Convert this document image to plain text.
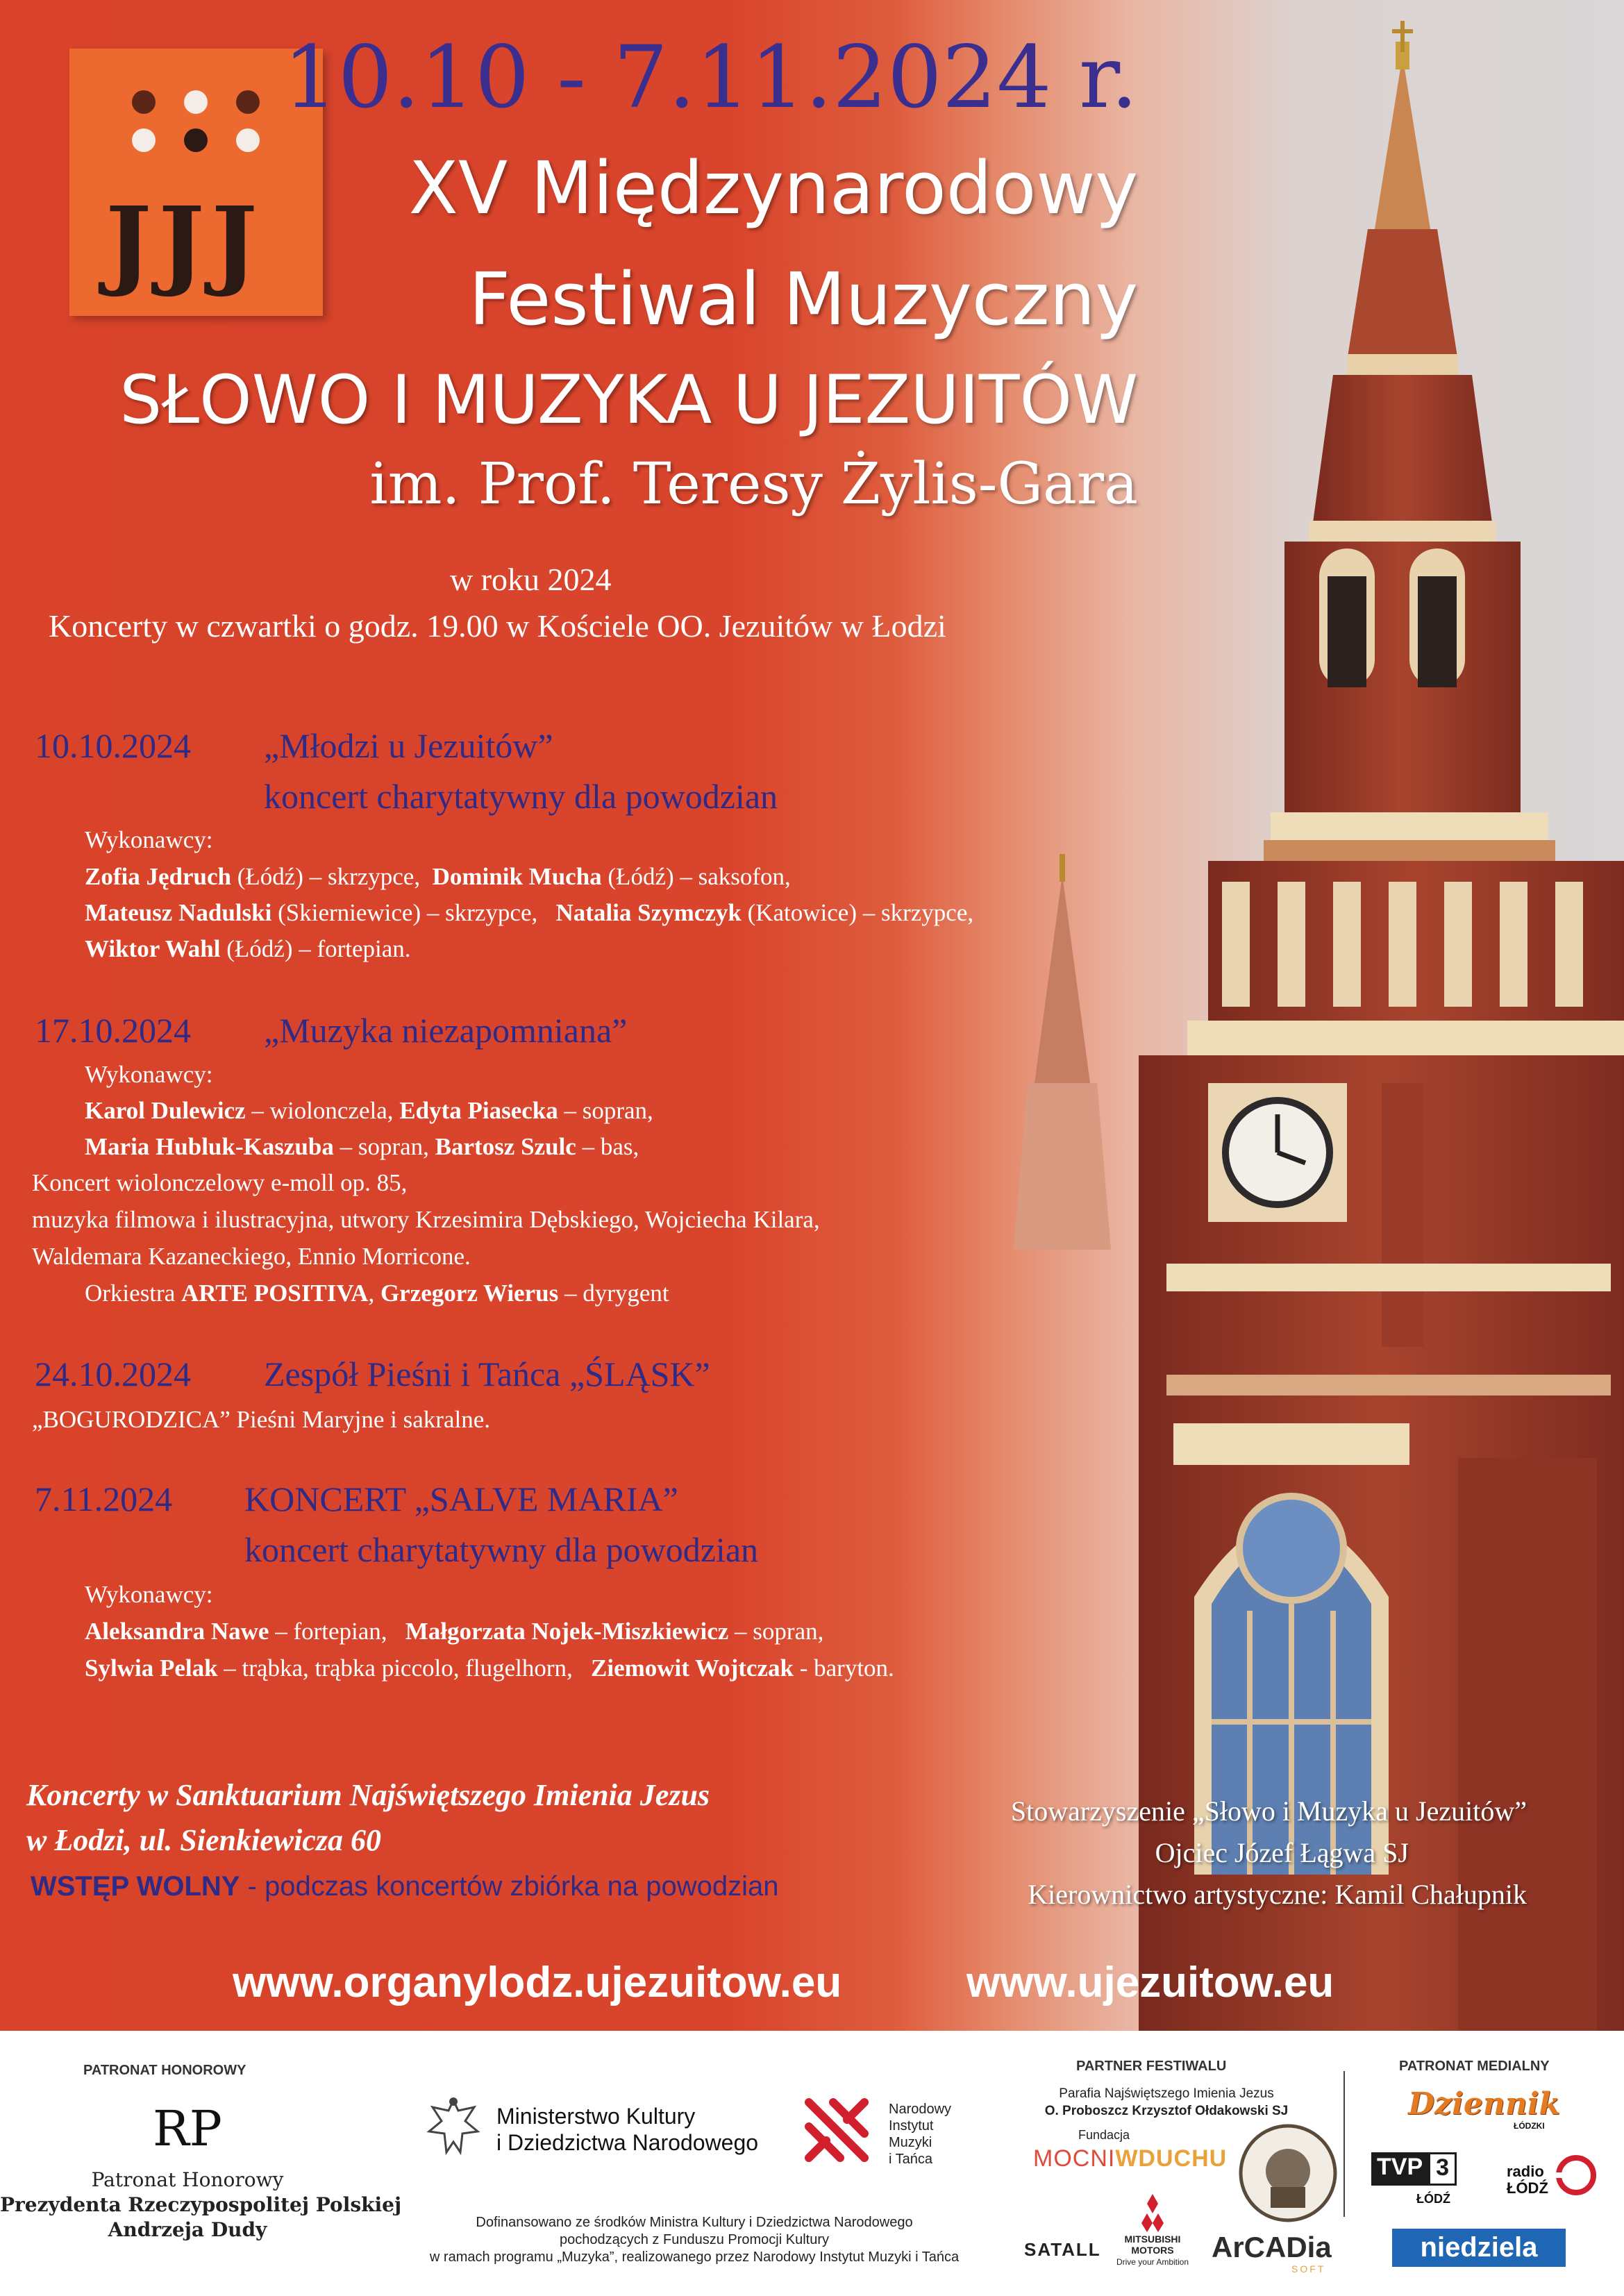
JJJ
10.10 - 7.11.2024 r.
XV Międzynarodowy
Festiwal Muzyczny
SŁOWO I MUZYKA U JEZUITÓW
im. Prof. Teresy Żylis-Gara
w roku 2024
Koncerty w czwartki o godz. 19.00 w Kościele OO. Jezuitów w Łodzi
10.10.2024 „Młodzi u Jezuitów”
koncert charytatywny dla powodzian
Wykonawcy:
Zofia Jędruch (Łódź) – skrzypce, Dominik Mucha (Łódź) – saksofon,
Mateusz Nadulski (Skierniewice) – skrzypce, Natalia Szymczyk (Katowice) – skrzypce,
Wiktor Wahl (Łódź) – fortepian.
17.10.2024 „Muzyka niezapomniana”
Wykonawcy:
Karol Dulewicz – wiolonczela, Edyta Piasecka – sopran,
Maria Hubluk-Kaszuba – sopran, Bartosz Szulc – bas,
Koncert wiolonczelowy e-moll op. 85,
muzyka filmowa i ilustracyjna, utwory Krzesimira Dębskiego, Wojciecha Kilara,
Waldemara Kazaneckiego, Ennio Morricone.
Orkiestra ARTE POSITIVA, Grzegorz Wierus – dyrygent
24.10.2024 Zespół Pieśni i Tańca „ŚLĄSK”
„BOGURODZICA” Pieśni Maryjne i sakralne.
7.11.2024 KONCERT „SALVE MARIA”
koncert charytatywny dla powodzian
Wykonawcy:
Aleksandra Nawe – fortepian, Małgorzata Nojek-Miszkiewicz – sopran,
Sylwia Pelak – trąbka, trąbka piccolo, flugelhorn, Ziemowit Wojtczak - baryton.
Koncerty w Sanktuarium Najświętszego Imienia Jezus
w Łodzi, ul. Sienkiewicza 60
WSTĘP WOLNY - podczas koncertów zbiórka na powodzian
Stowarzyszenie „Słowo i Muzyka u Jezuitów”
Ojciec Józef Łągwa SJ
Kierownictwo artystyczne: Kamil Chałupnik
www.organylodz.ujezuitow.eu	www.ujezuitow.eu
PATRONAT HONOROWY
RP
Patronat Honorowy
Prezydenta Rzeczypospolitej Polskiej
Andrzeja Dudy
Ministerstwo Kultury
i Dziedzictwa Narodowego
Narodowy
Instytut
Muzyki
i Tańca
Dofinansowano ze środków Ministra Kultury i Dziedzictwa Narodowego
pochodzących z Funduszu Promocji Kultury
w ramach programu „Muzyka”, realizowanego przez Narodowy Instytut Muzyki i Tańca
PARTNER FESTIWALU
Parafia Najświętszego Imienia Jezus
O. Proboszcz Krzysztof Ołdakowski SJ
Fundacja
MOCNIWDUCHU
SATALL	MITSUBISHI
MOTORS
Drive your Ambition ArCADia
SOFT
PATRONAT MEDIALNY
Dziennik
ŁÓDZKI
TVP 3
ŁÓDŹ
radio
ŁÓDŹ
niedziela
